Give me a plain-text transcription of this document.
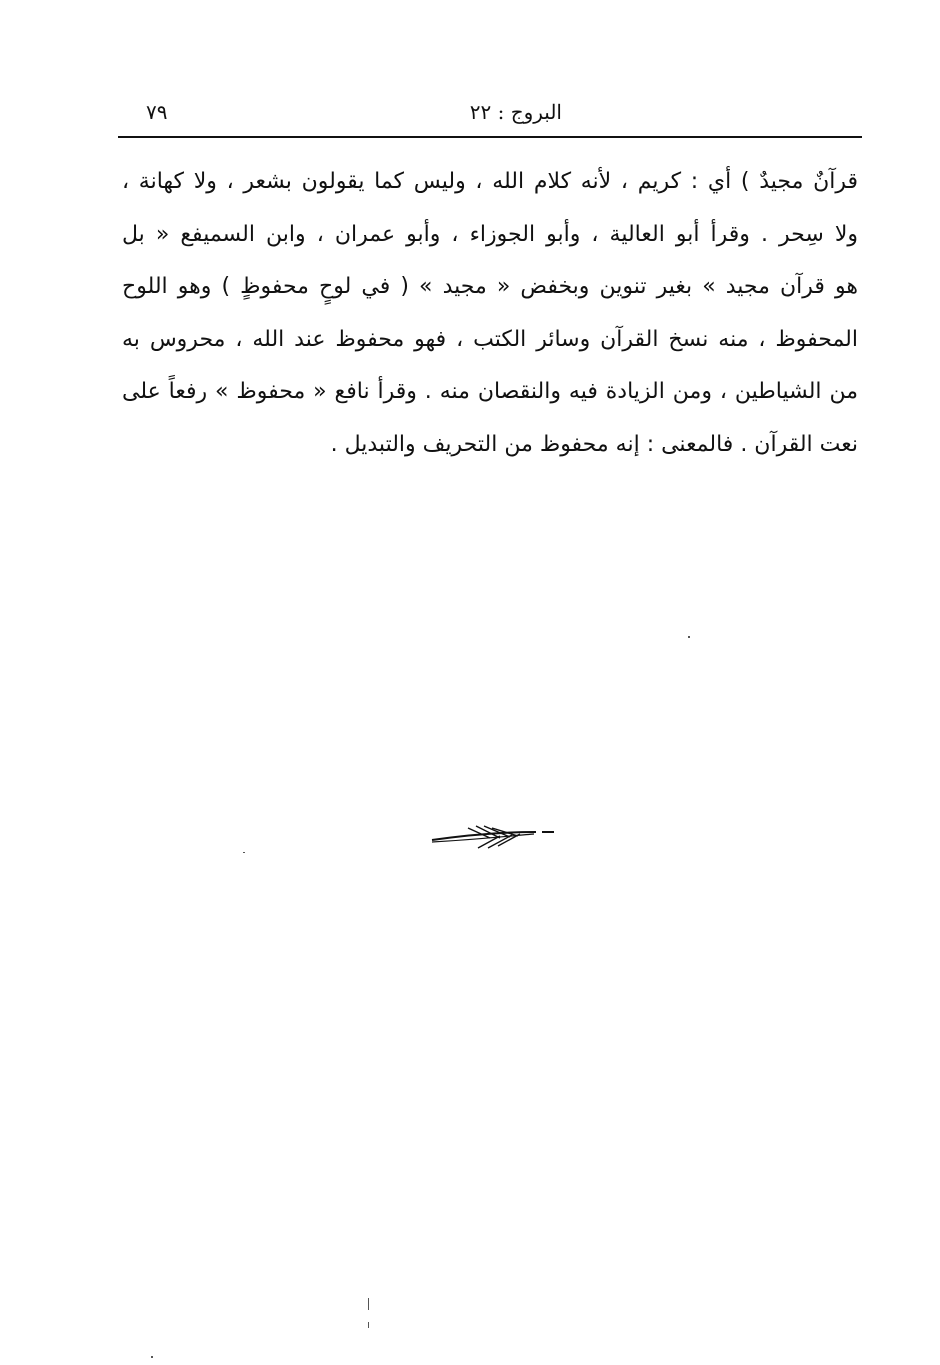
البروج : ٢٢
٧٩
قرآنٌ مجيدٌ ) أي : كريم ، لأنه كلام الله ، وليس كما يقولون بشعر ، ولا كهانة ،
ولا سِحر . وقرأ أبو العالية ، وأبو الجوزاء ، وأبو عمران ، وابن السميفع « بل
هو قرآن مجيد » بغير تنوين وبخفض « مجيد » ( في لوحٍ محفوظٍ ) وهو اللوح
المحفوظ ، منه نسخ القرآن وسائر الكتب ، فهو محفوظ عند الله ، محروس به
من الشياطين ، ومن الزيادة فيه والنقصان منه . وقرأ نافع « محفوظ » رفعاً على
نعت القرآن . فالمعنى : إنه محفوظ من التحريف والتبديل .
